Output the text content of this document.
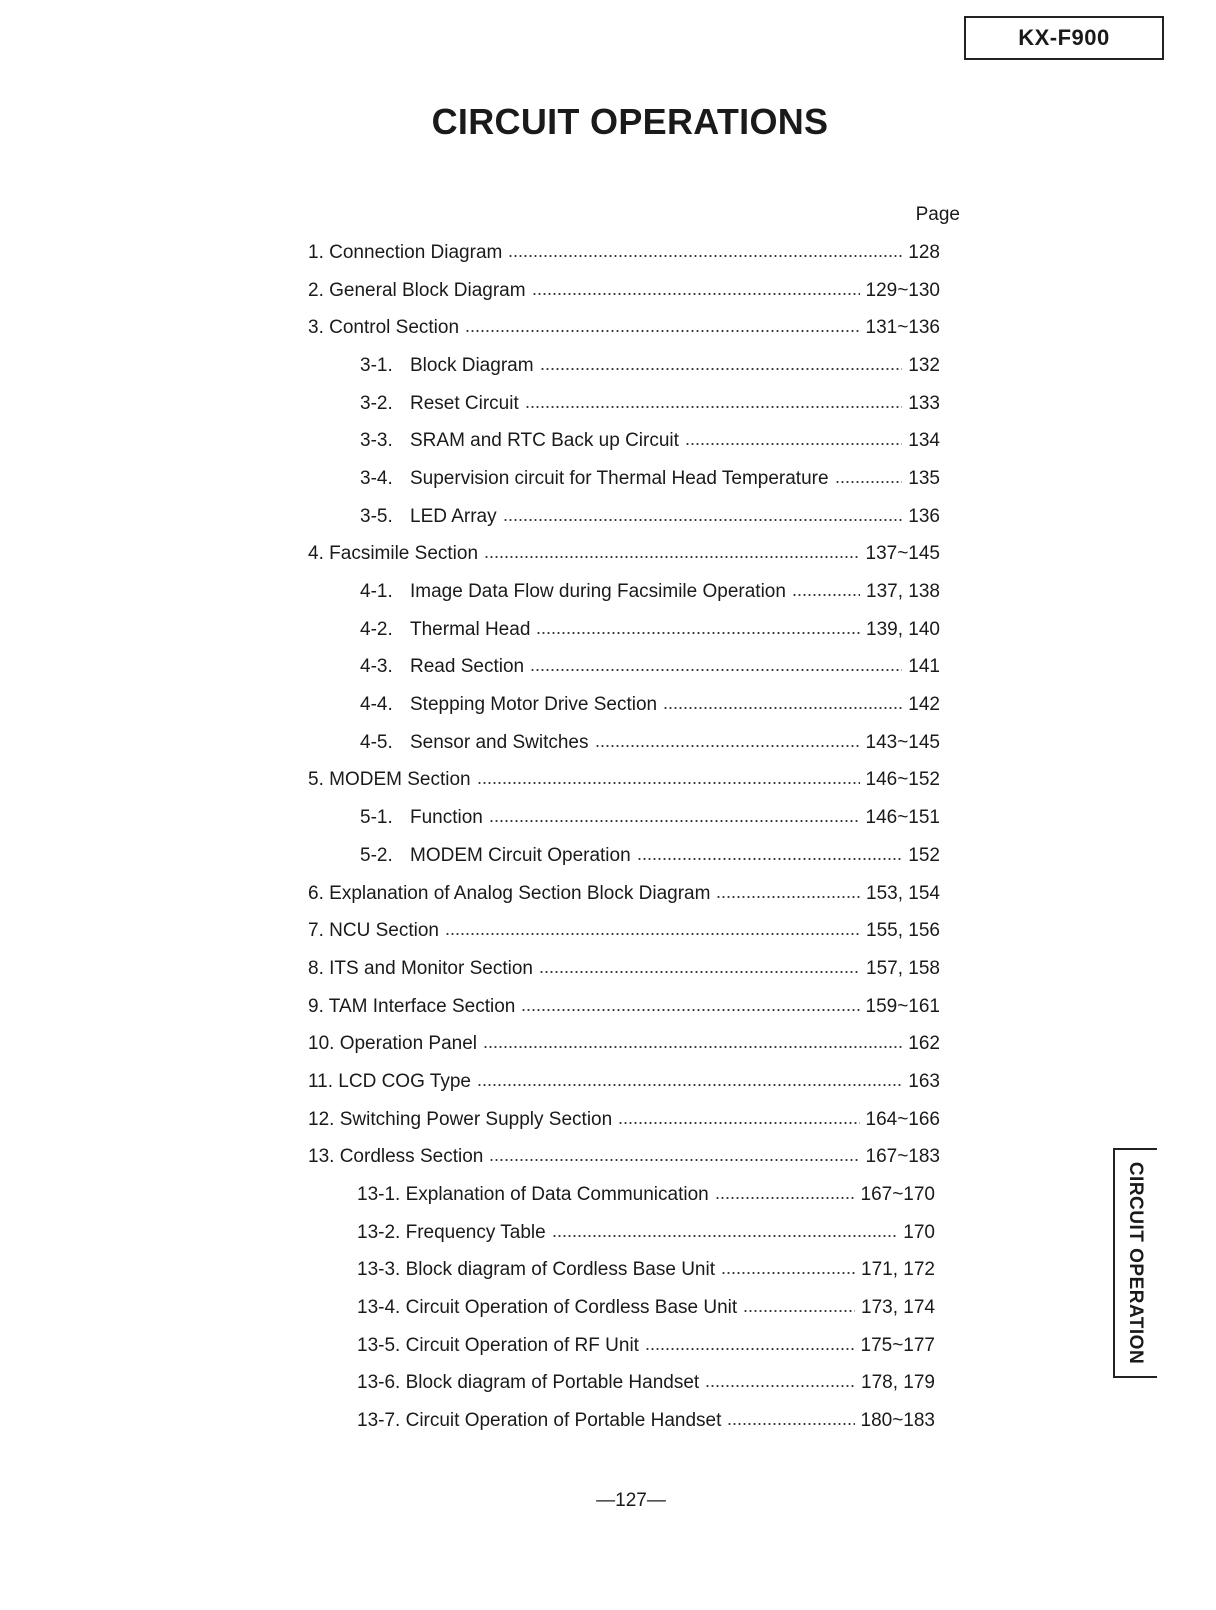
KX-F900
CIRCUIT OPERATIONS
Page
1. Connection Diagram	128
2. General Block Diagram	129~130
3. Control Section	131~136
3-1. Block Diagram	132
3-2. Reset Circuit	133
3-3. SRAM and RTC Back up Circuit	134
3-4. Supervision circuit for Thermal Head Temperature	135
3-5. LED Array	136
4. Facsimile Section	137~145
4-1. Image Data Flow during Facsimile Operation	137, 138
4-2. Thermal Head	139, 140
4-3. Read Section	141
4-4. Stepping Motor Drive Section	142
4-5. Sensor and Switches	143~145
5. MODEM Section	146~152
5-1. Function	146~151
5-2. MODEM Circuit Operation	152
6. Explanation of Analog Section Block Diagram	153, 154
7. NCU Section	155, 156
8. ITS and Monitor Section	157, 158
9. TAM Interface Section	159~161
10. Operation Panel	162
11. LCD COG Type	163
12. Switching Power Supply Section	164~166
13. Cordless Section	167~183
13-1. Explanation of Data Communication	167~170
13-2. Frequency Table	170
13-3. Block diagram of Cordless Base Unit	171, 172
13-4. Circuit Operation of Cordless Base Unit	173, 174
13-5. Circuit Operation of RF Unit	175~177
13-6. Block diagram of Portable Handset	178, 179
13-7. Circuit Operation of Portable Handset	180~183
CIRCUIT OPERATION
—127—
